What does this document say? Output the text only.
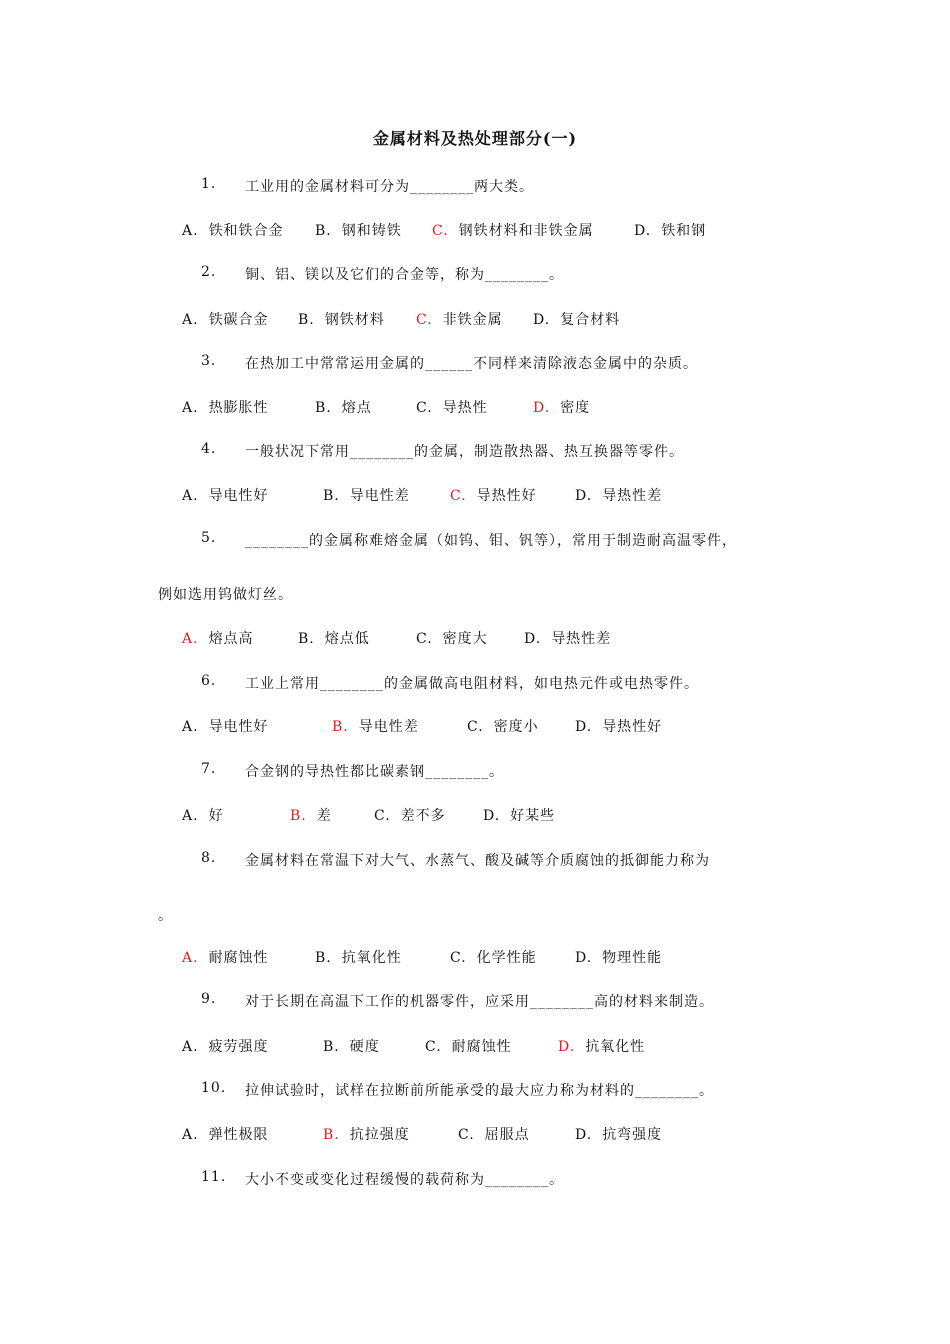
金属材料及热处理部分(一)
1. 工业用的金属材料可分为________两大类。
A. 铁和铁合金 B. 钢和铸铁 C. 钢铁材料和非铁金属	D. 铁和钢
2. 铜、铝、镁以及它们的合金等，称为________。
A. 铁碳合金 B. 钢铁材料 C. 非铁金属 D. 复合材料
3. 在热加工中常常运用金属的______不同样来清除液态金属中的杂质。
A. 热膨胀性	B. 熔点	C. 导热性	D. 密度
4. 一般状况下常用________的金属，制造散热器、热互换器等零件。
A. 导电性好	B. 导电性差	C. 导热性好	D. 导热性差
5. ________的金属称难熔金属（如钨、钼、钒等），常用于制造耐高温零件，
例如选用钨做灯丝。
A. 熔点高	B. 熔点低	C. 密度大	D. 导热性差
6. 工业上常用________的金属做高电阻材料，如电热元件或电热零件。
A. 导电性好	B. 导电性差	C. 密度小	D. 导热性好
7. 合金钢的导热性都比碳素钢________。
A. 好	B. 差	C. 差不多	D. 好某些
8. 金属材料在常温下对大气、水蒸气、酸及碱等介质腐蚀的抵御能力称为
。
A. 耐腐蚀性	B. 抗氧化性	C. 化学性能	D. 物理性能
9. 对于长期在高温下工作的机器零件，应采用________高的材料来制造。
A. 疲劳强度	B. 硬度	C. 耐腐蚀性	D. 抗氧化性
10. 拉伸试验时，试样在拉断前所能承受的最大应力称为材料的________。
A. 弹性极限	B. 抗拉强度	C. 屈服点	D. 抗弯强度
11. 大小不变或变化过程缓慢的载荷称为________。
